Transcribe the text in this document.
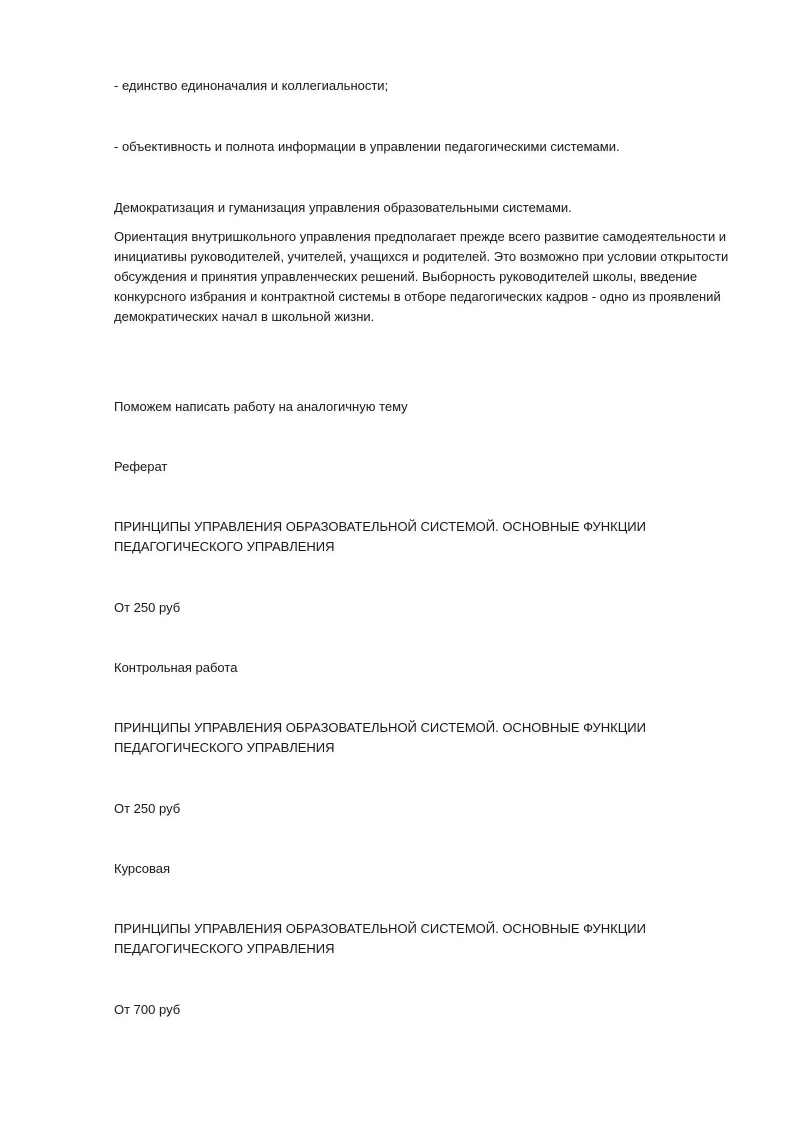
- единство единоначалия и коллегиальности;

- объективность и полнота информации в управлении педагогическими системами.

Демократизация и гуманизация управления образовательными системами.

Ориентация внутришкольного управления предполагает прежде всего развитие самодеятельности и инициативы руководителей, учителей, учащихся и родителей. Это возможно при условии открытости обсуждения и принятия управленческих решений. Выборность руководителей школы, введение конкурсного избрания и контрактной системы в отборе педагогических кадров - одно из проявлений демократических начал в школьной жизни.

Поможем написать работу на аналогичную тему

Реферат

ПРИНЦИПЫ УПРАВЛЕНИЯ ОБРАЗОВАТЕЛЬНОЙ СИСТЕМОЙ. ОСНОВНЫЕ ФУНКЦИИ ПЕДАГОГИЧЕСКОГО УПРАВЛЕНИЯ

От 250 руб

Контрольная работа

ПРИНЦИПЫ УПРАВЛЕНИЯ ОБРАЗОВАТЕЛЬНОЙ СИСТЕМОЙ. ОСНОВНЫЕ ФУНКЦИИ ПЕДАГОГИЧЕСКОГО УПРАВЛЕНИЯ

От 250 руб

Курсовая

ПРИНЦИПЫ УПРАВЛЕНИЯ ОБРАЗОВАТЕЛЬНОЙ СИСТЕМОЙ. ОСНОВНЫЕ ФУНКЦИИ ПЕДАГОГИЧЕСКОГО УПРАВЛЕНИЯ

От 700 руб
